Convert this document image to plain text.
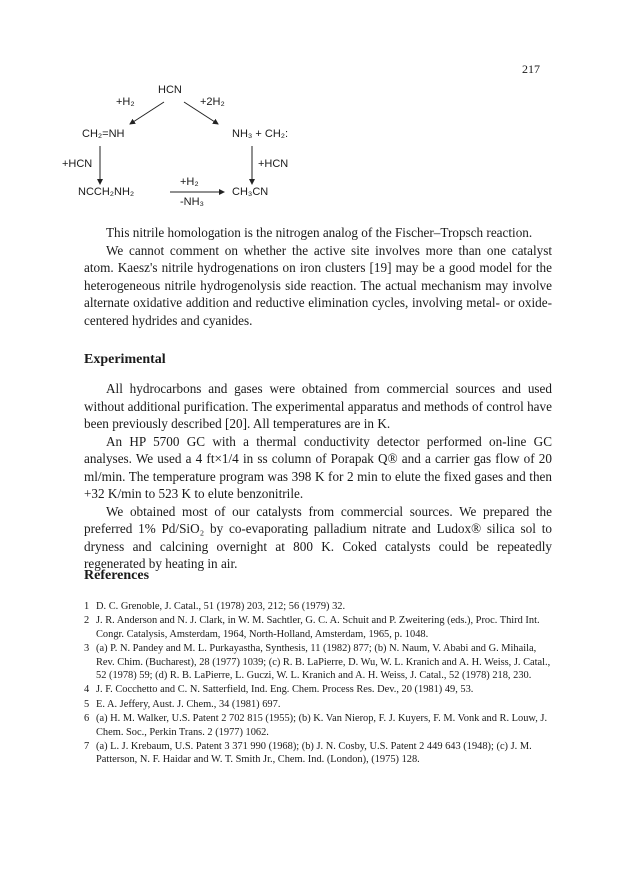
217
HCN
+H₂	+2H₂
CH₂=NH	NH₃ + CH₂:
+HCN	+HCN
NCCH₂NH₂
+H₂
-NH₃
CH₃CN

This nitrile homologation is the nitrogen analog of the Fischer–Tropsch reaction.

We cannot comment on whether the active site involves more than one catalyst atom. Kaesz's nitrile hydrogenations on iron clusters [19] may be a good model for the heterogeneous nitrile hydrogenolysis side reaction. The actual mechanism may involve alternate oxidative addition and reductive elimination cycles, involving metal- or oxide-centered hydrides and cyanides.

Experimental

All hydrocarbons and gases were obtained from commercial sources and used without additional purification. The experimental apparatus and methods of control have been previously described [20]. All temperatures are in K.

An HP 5700 GC with a thermal conductivity detector performed on-line GC analyses. We used a 4 ft×1/4 in ss column of Porapak Q® and a carrier gas flow of 20 ml/min. The temperature program was 398 K for 2 min to elute the fixed gases and then +32 K/min to 523 K to elute benzonitrile.

We obtained most of our catalysts from commercial sources. We prepared the preferred 1% Pd/SiO₂ by co-evaporating palladium nitrate and Ludox® silica sol to dryness and calcining overnight at 800 K. Coked catalysts could be repeatedly regenerated by heating in air.

References
1 D. C. Grenoble, J. Catal., 51 (1978) 203, 212; 56 (1979) 32.
2 J. R. Anderson and N. J. Clark, in W. M. Sachtler, G. C. A. Schuit and P. Zweitering (eds.), Proc. Third Int. Congr. Catalysis, Amsterdam, 1964, North-Holland, Amsterdam, 1965, p. 1048.
3 (a) P. N. Pandey and M. L. Purkayastha, Synthesis, 11 (1982) 877; (b) N. Naum, V. Ababi and G. Mihaila, Rev. Chim. (Bucharest), 28 (1977) 1039; (c) R. B. LaPierre, D. Wu, W. L. Kranich and A. H. Weiss, J. Catal., 52 (1978) 59; (d) R. B. LaPierre, L. Guczi, W. L. Kranich and A. H. Weiss, J. Catal., 52 (1978) 218, 230.
4 J. F. Cocchetto and C. N. Satterfield, Ind. Eng. Chem. Process Res. Dev., 20 (1981) 49, 53.
5 E. A. Jeffery, Aust. J. Chem., 34 (1981) 697.
6 (a) H. M. Walker, U.S. Patent 2 702 815 (1955); (b) K. Van Nierop, F. J. Kuyers, F. M. Vonk and R. Louw, J. Chem. Soc., Perkin Trans. 2 (1977) 1062.
7 (a) L. J. Krebaum, U.S. Patent 3 371 990 (1968); (b) J. N. Cosby, U.S. Patent 2 449 643 (1948); (c) J. M. Patterson, N. F. Haidar and W. T. Smith Jr., Chem. Ind. (London), (1975) 128.
